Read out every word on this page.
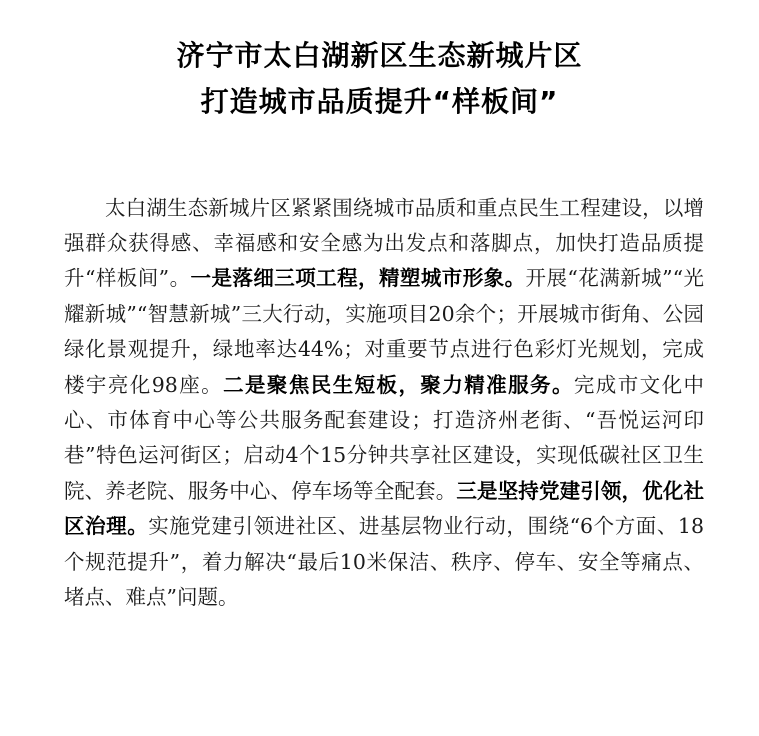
济宁市太白湖新区生态新城片区
打造城市品质提升“样板间”

太白湖生态新城片区紧紧围绕城市品质和重点民生工程建设，以增强群众获得感、幸福感和安全感为出发点和落脚点，加快打造品质提升“样板间”。一是落细三项工程，精塑城市形象。开展“花满新城”“光耀新城”“智慧新城”三大行动，实施项目20余个；开展城市街角、公园绿化景观提升，绿地率达44%；对重要节点进行色彩灯光规划，完成楼宇亮化98座。二是聚焦民生短板，聚力精准服务。完成市文化中心、市体育中心等公共服务配套建设；打造济州老街、“吾悦运河印巷”特色运河街区；启动4个15分钟共享社区建设，实现低碳社区卫生院、养老院、服务中心、停车场等全配套。三是坚持党建引领，优化社区治理。实施党建引领进社区、进基层物业行动，围绕“6个方面、18个规范提升”，着力解决“最后10米保洁、秩序、停车、安全等痛点、堵点、难点”问题。
